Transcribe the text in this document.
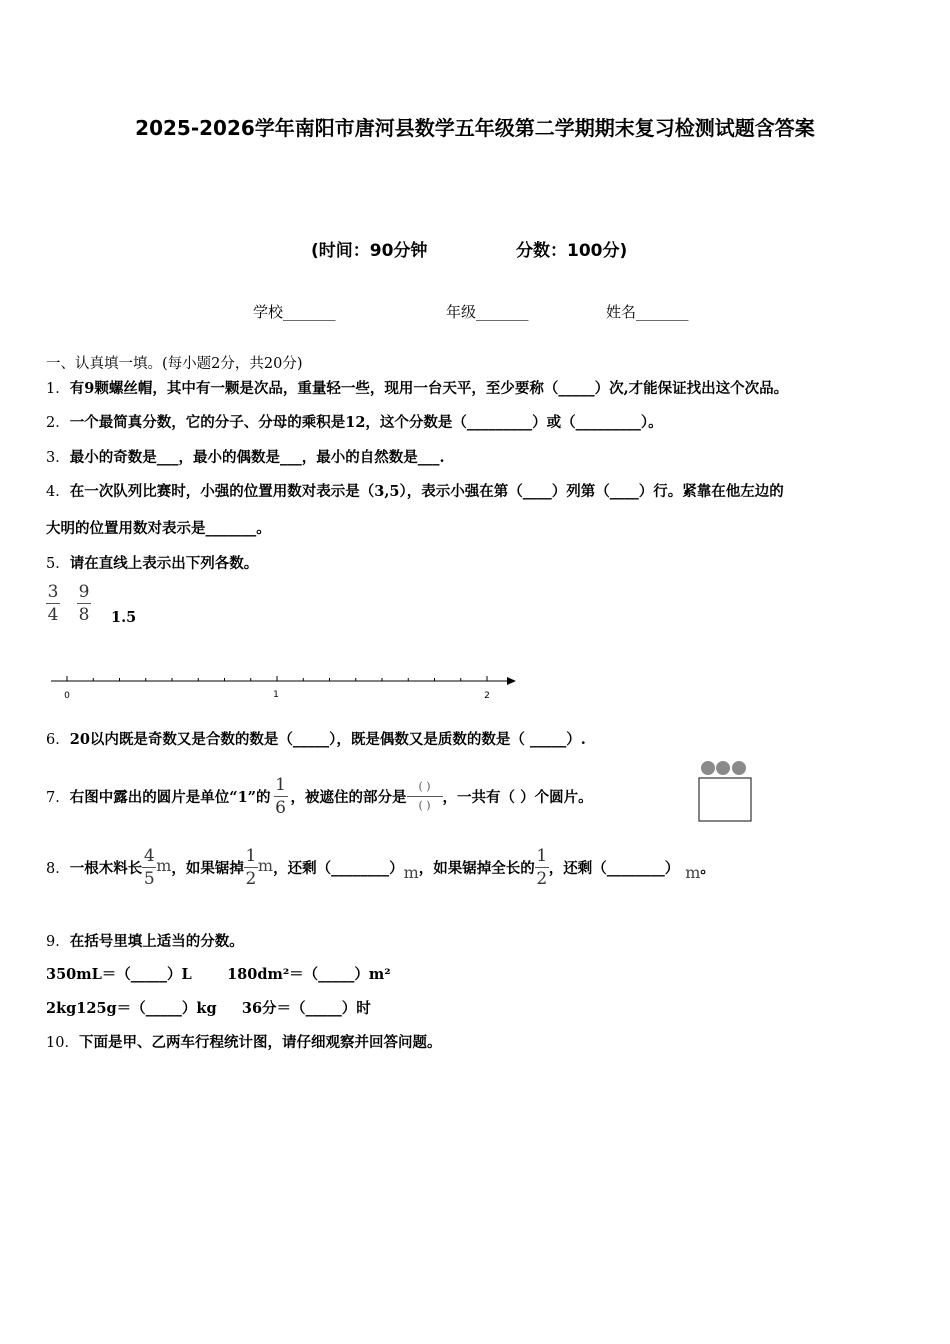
2025-2026学年南阳市唐河县数学五年级第二学期期末复习检测试题含答案
(时间：90分钟	分数：100分)
学校_______	年级_______	姓名_______
一、认真填一填。(每小题2分，共20分)
1．有9颗螺丝帽，其中有一颗是次品，重量轻一些，现用一台天平，至少要称（_____）次,才能保证找出这个次品。
2．一个最简真分数，它的分子、分母的乘积是12，这个分数是（_________）或（_________）。
3．最小的奇数是___，最小的偶数是___，最小的自然数是___.
4．在一次队列比赛时，小强的位置用数对表示是（3,5），表示小强在第（____）列第（____）行。紧靠在他左边的
大明的位置用数对表示是_______。
5．请在直线上表示出下列各数。
$\frac{3}{4} \frac{9}{8} 1.5$
0	1	2
6．20以内既是奇数又是合数的数是（_____），既是偶数又是质数的数是（ _____）.
7． 右图中露出的圆片是单位“1”的 $\frac{1}{6}$ ，被遮住的部分是 $\frac{( )}{( )}$ ，一共有（ ）个圆片。
8． 一根木料长 $\frac{4}{5}$ m ，如果锯掉 $\frac{1}{2}$ m ，还剩（________） m ，如果锯掉全长的 $\frac{1}{2}$ ，还剩（________） m 。
9．在括号里填上适当的分数。
350mL＝（_____）L       180dm²＝（_____）m²
2kg125g＝（_____）kg     36分＝（_____）时
10．下面是甲、乙两车行程统计图，请仔细观察并回答问题。
